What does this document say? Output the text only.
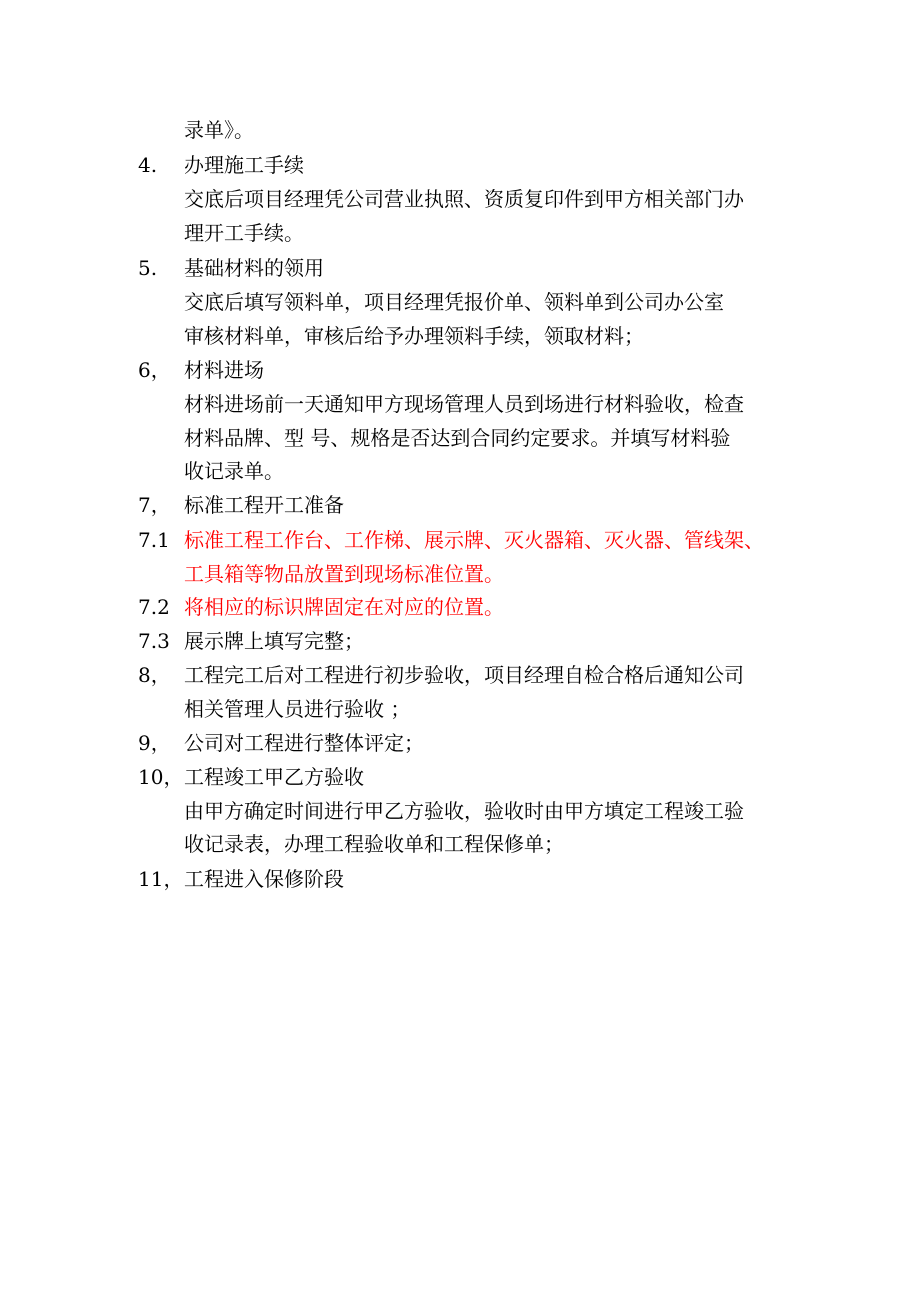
录单》。
4. 办理施工手续
交底后项目经理凭公司营业执照、资质复印件到甲方相关部门办
理开工手续。
5. 基础材料的领用
交底后填写领料单，项目经理凭报价单、领料单到公司办公室
审核材料单，审核后给予办理领料手续，领取材料；
6， 材料进场
材料进场前一天通知甲方现场管理人员到场进行材料验收，检查
材料品牌、型 号、规格是否达到合同约定要求。并填写材料验
收记录单。
7， 标准工程开工准备
7.1 标准工程工作台、工作梯、展示牌、灭火器箱、灭火器、管线架、
工具箱等物品放置到现场标准位置。
7.2 将相应的标识牌固定在对应的位置。
7.3 展示牌上填写完整；
8， 工程完工后对工程进行初步验收，项目经理自检合格后通知公司
相关管理人员进行验收 ；
9， 公司对工程进行整体评定；
10， 工程竣工甲乙方验收
由甲方确定时间进行甲乙方验收，验收时由甲方填定工程竣工验
收记录表，办理工程验收单和工程保修单；
11， 工程进入保修阶段
